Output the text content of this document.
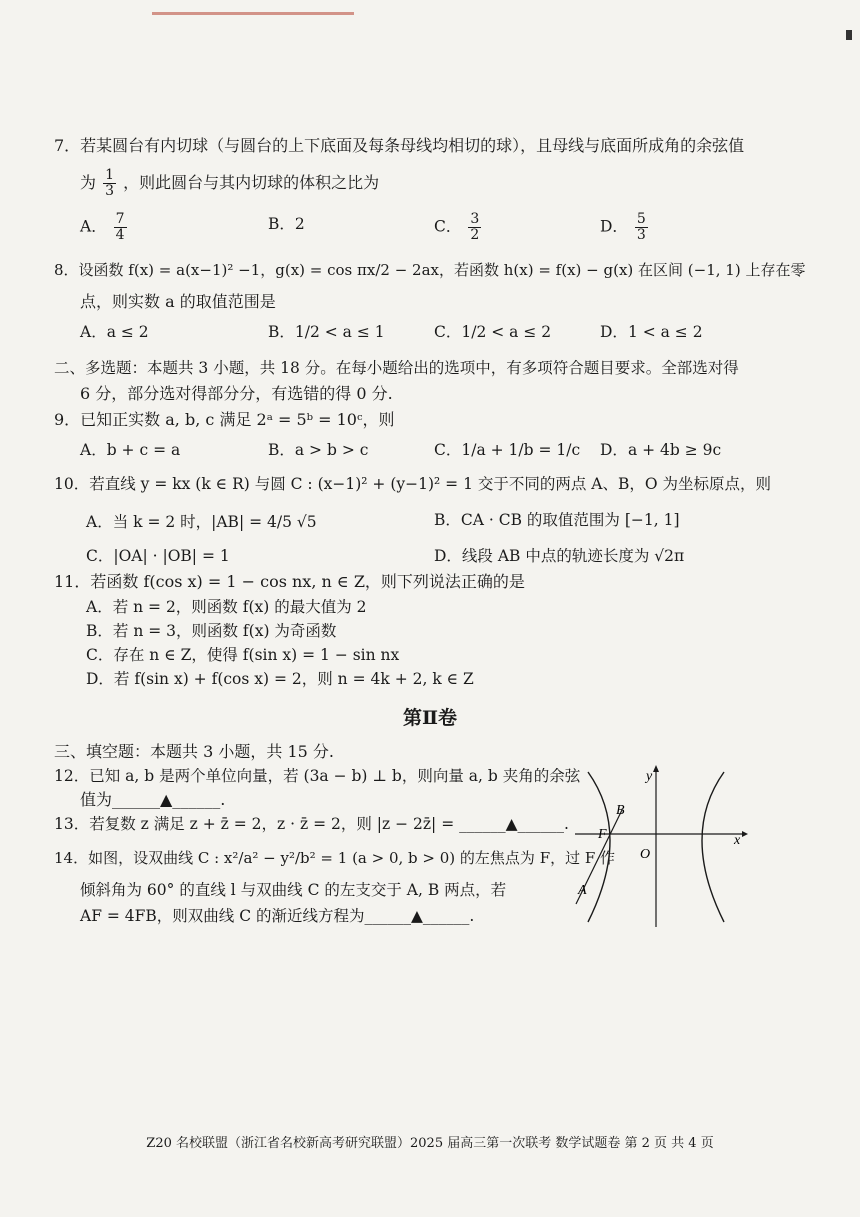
7．若某圆台有内切球（与圆台的上下底面及每条母线均相切的球），且母线与底面所成角的余弦值
为 $\frac{1}{3}$ ，则此圆台与其内切球的体积之比为
A． $\frac{7}{4}$	B．2	C． $\frac{3}{2}$	D． $\frac{5}{3}$
8．设函数 f(x) = a(x−1)² −1，g(x) = cos πx/2 − 2ax，若函数 h(x) = f(x) − g(x) 在区间 (−1, 1) 上存在零
点，则实数 a 的取值范围是
A．a ≤ 2	B．1/2 < a ≤ 1	C．1/2 < a ≤ 2	D．1 < a ≤ 2
二、多选题：本题共 3 小题，共 18 分。在每小题给出的选项中，有多项符合题目要求。全部选对得
6 分，部分选对得部分分，有选错的得 0 分.
9．已知正实数 a, b, c 满足 2ᵃ = 5ᵇ = 10ᶜ，则
A．b + c = a	B．a > b > c	C．1/a + 1/b = 1/c D．a + 4b ≥ 9c
10．若直线 y = kx (k ∈ R) 与圆 C : (x−1)² + (y−1)² = 1 交于不同的两点 A、B，O 为坐标原点，则
A．当 k = 2 时，|AB| = 4/5 √5	B．CA · CB 的取值范围为 [−1, 1]
C．|OA| · |OB| = 1	D．线段 AB 中点的轨迹长度为 √2π
11．若函数 f(cos x) = 1 − cos nx, n ∈ Z，则下列说法正确的是
A．若 n = 2，则函数 f(x) 的最大值为 2
B．若 n = 3，则函数 f(x) 为奇函数
C．存在 n ∈ Z，使得 f(sin x) = 1 − sin nx
D．若 f(sin x) + f(cos x) = 2，则 n = 4k + 2, k ∈ Z
第Ⅱ卷
三、填空题：本题共 3 小题，共 15 分.
12．已知 a, b 是两个单位向量，若 (3a − b) ⊥ b，则向量 a, b 夹角的余弦
值为______▲______.
13．若复数 z 满足 z + z̄ = 2，z · z̄ = 2，则 |z − 2z̄| = ______▲______.
14．如图，设双曲线 C : x²/a² − y²/b² = 1 (a > 0, b > 0) 的左焦点为 F，过 F 作
倾斜角为 60° 的直线 l 与双曲线 C 的左支交于 A, B 两点，若
AF = 4FB，则双曲线 C 的渐近线方程为______▲______.
y
x
O
F
B
A
Z20 名校联盟（浙江省名校新高考研究联盟）2025 届高三第一次联考 数学试题卷 第 2 页 共 4 页
